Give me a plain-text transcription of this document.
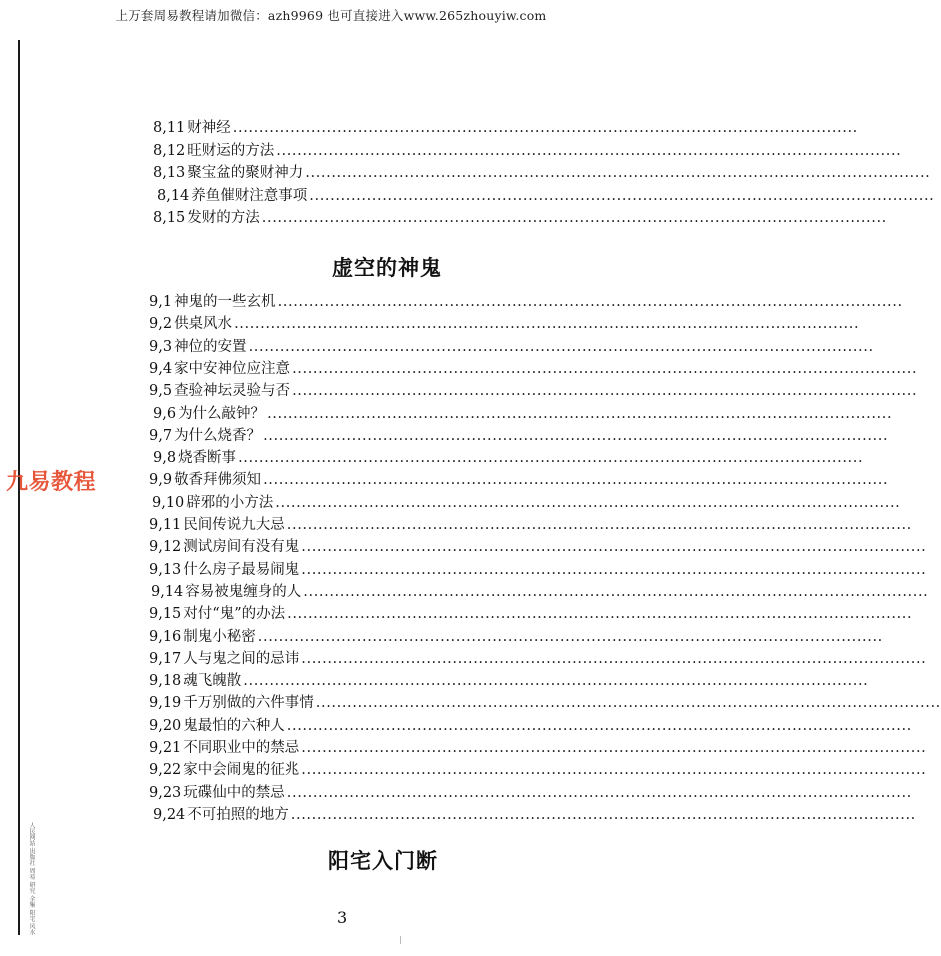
上万套周易教程请加微信：azh9969 也可直接进入www.265zhouyiw.com
九易教程
人民网站 出版社 周易 研究 全集 阳宅 风水
8,11 财神经 ........................................................................................................................
8,12 旺财运的方法 ........................................................................................................................
8,13 聚宝盆的聚财神力 ........................................................................................................................
8,14 养鱼催财注意事项 ........................................................................................................................
8,15 发财的方法 ........................................................................................................................
9,1 神鬼的一些玄机 ........................................................................................................................
9,2 供桌风水 ........................................................................................................................
9,3 神位的安置 ........................................................................................................................
9,4 家中安神位应注意 ........................................................................................................................
9,5 查验神坛灵验与否 ........................................................................................................................
9,6 为什么敲钟？ ........................................................................................................................
9,7 为什么烧香？ ........................................................................................................................
9,8 烧香断事 ........................................................................................................................
9,9 敬香拜佛须知 ........................................................................................................................
9,10 辟邪的小方法 ........................................................................................................................
9,11 民间传说九大忌 ........................................................................................................................
9,12 测试房间有没有鬼 ........................................................................................................................
9,13 什么房子最易闹鬼 ........................................................................................................................
9,14 容易被鬼缠身的人 ........................................................................................................................
9,15 对付“鬼”的办法 ........................................................................................................................
9,16 制鬼小秘密 ........................................................................................................................
9,17 人与鬼之间的忌讳 ........................................................................................................................
9,18 魂飞魄散 ........................................................................................................................
9,19 千万别做的六件事情 ........................................................................................................................
9,20 鬼最怕的六种人 ........................................................................................................................
9,21 不同职业中的禁忌 ........................................................................................................................
9,22 家中会闹鬼的征兆 ........................................................................................................................
9,23 玩碟仙中的禁忌 ........................................................................................................................
9,24 不可拍照的地方 ........................................................................................................................
虚空的神鬼
阳宅入门断
3
